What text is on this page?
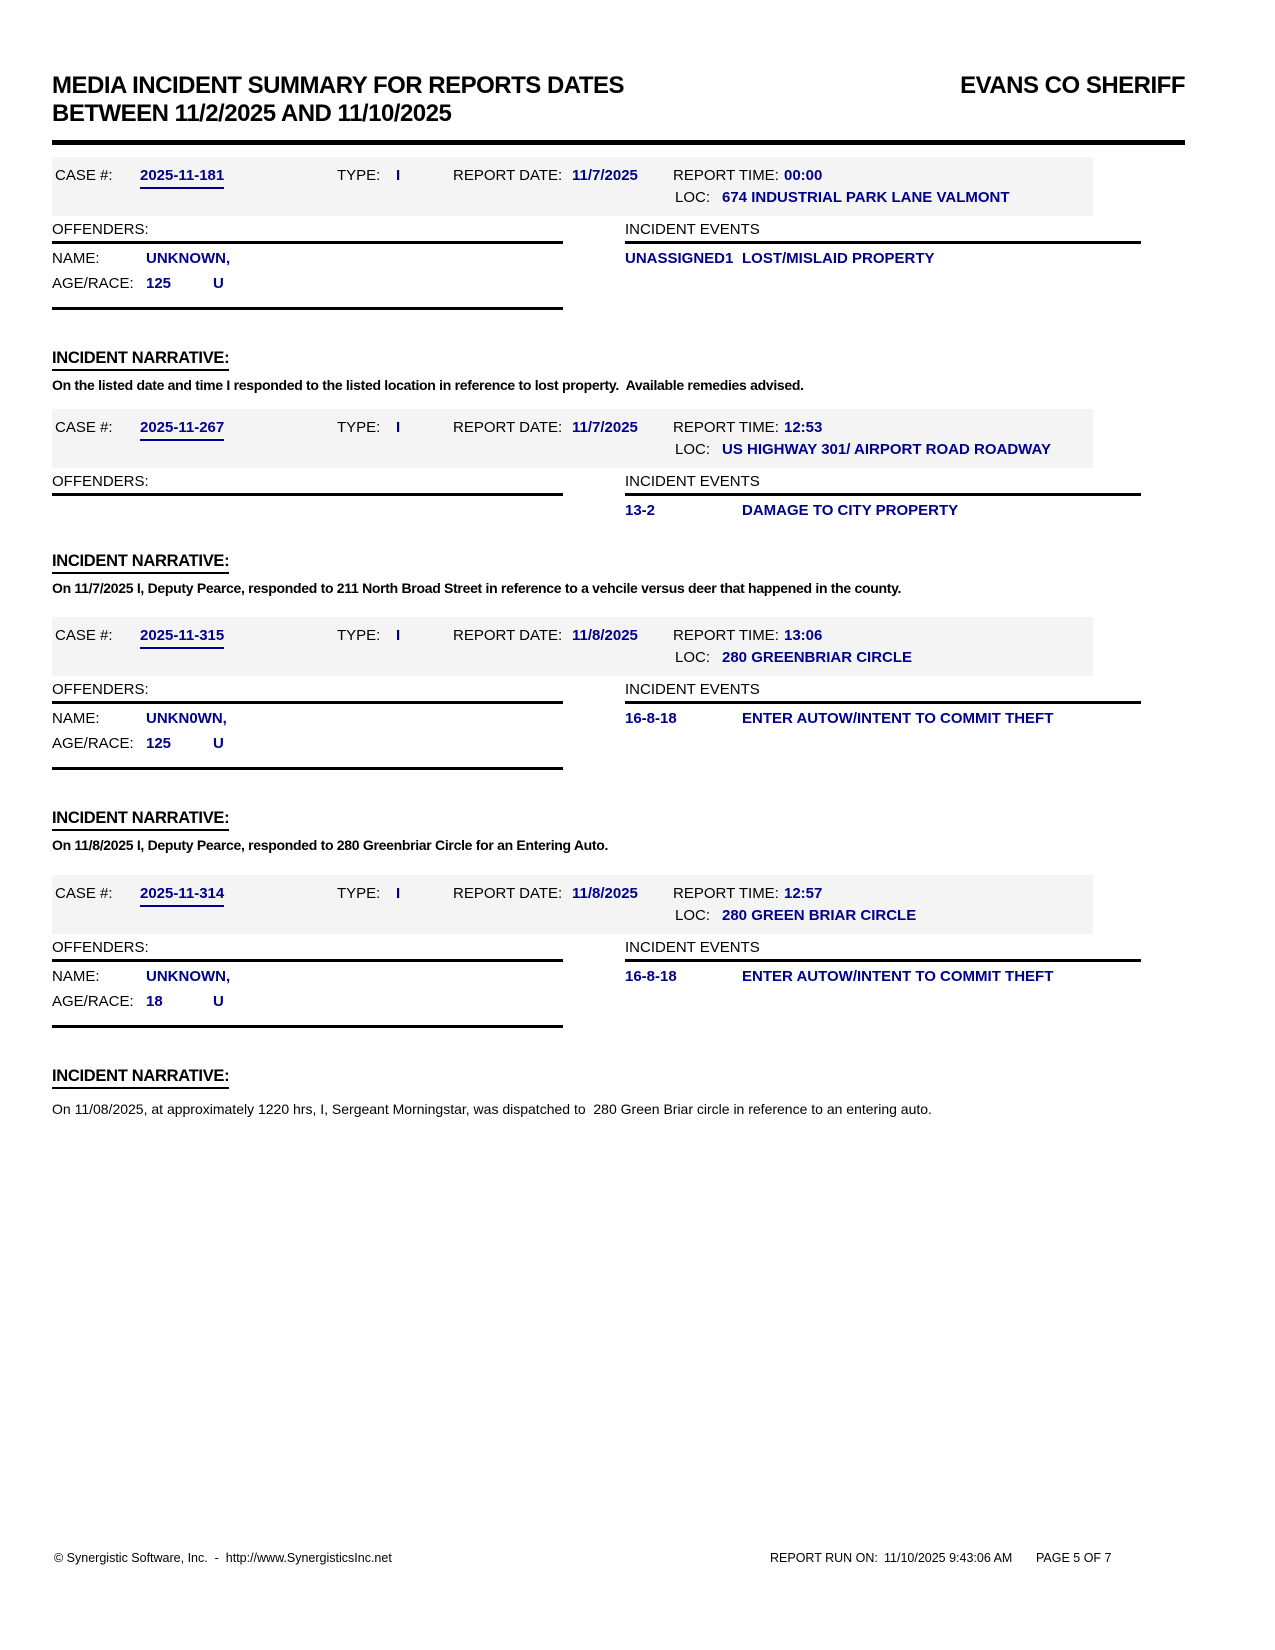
MEDIA INCIDENT SUMMARY FOR REPORTS DATES
BETWEEN 11/2/2025 AND 11/10/2025
EVANS CO SHERIFF
CASE #: 2025-11-181	TYPE: I	REPORT DATE: 11/7/2025 REPORT TIME: 00:00
LOC: 674 INDUSTRIAL PARK LANE VALMONT
OFFENDERS:
NAME:	UNKNOWN,
AGE/RACE: 125	U
INCIDENT EVENTS
UNASSIGNED1 LOST/MISLAID PROPERTY
INCIDENT NARRATIVE:
On the listed date and time I responded to the listed location in reference to lost property.  Available remedies advised.
CASE #: 2025-11-267	TYPE: I	REPORT DATE: 11/7/2025 REPORT TIME: 12:53
LOC: US HIGHWAY 301/ AIRPORT ROAD ROADWAY
OFFENDERS:	INCIDENT EVENTS
13-2	DAMAGE TO CITY PROPERTY
INCIDENT NARRATIVE:
On 11/7/2025 I, Deputy Pearce, responded to 211 North Broad Street in reference to a vehcile versus deer that happened in the county.
CASE #: 2025-11-315	TYPE: I	REPORT DATE: 11/8/2025 REPORT TIME: 13:06
LOC: 280 GREENBRIAR CIRCLE
OFFENDERS:
NAME:	UNKN0WN,
AGE/RACE: 125	U
INCIDENT EVENTS
16-8-18	ENTER AUTOW/INTENT TO COMMIT THEFT
INCIDENT NARRATIVE:
On 11/8/2025 I, Deputy Pearce, responded to 280 Greenbriar Circle for an Entering Auto.
CASE #: 2025-11-314	TYPE: I	REPORT DATE: 11/8/2025 REPORT TIME: 12:57
LOC: 280 GREEN BRIAR CIRCLE
OFFENDERS:
NAME:	UNKNOWN,
AGE/RACE: 18	U
INCIDENT EVENTS
16-8-18	ENTER AUTOW/INTENT TO COMMIT THEFT
INCIDENT NARRATIVE:
On 11/08/2025, at approximately 1220 hrs, I, Sergeant Morningstar, was dispatched to  280 Green Briar circle in reference to an entering auto.
© Synergistic Software, Inc.  -  http://www.SynergisticsInc.net	REPORT RUN ON: 11/10/2025 9:43:06 AM PAGE 5 OF 7
